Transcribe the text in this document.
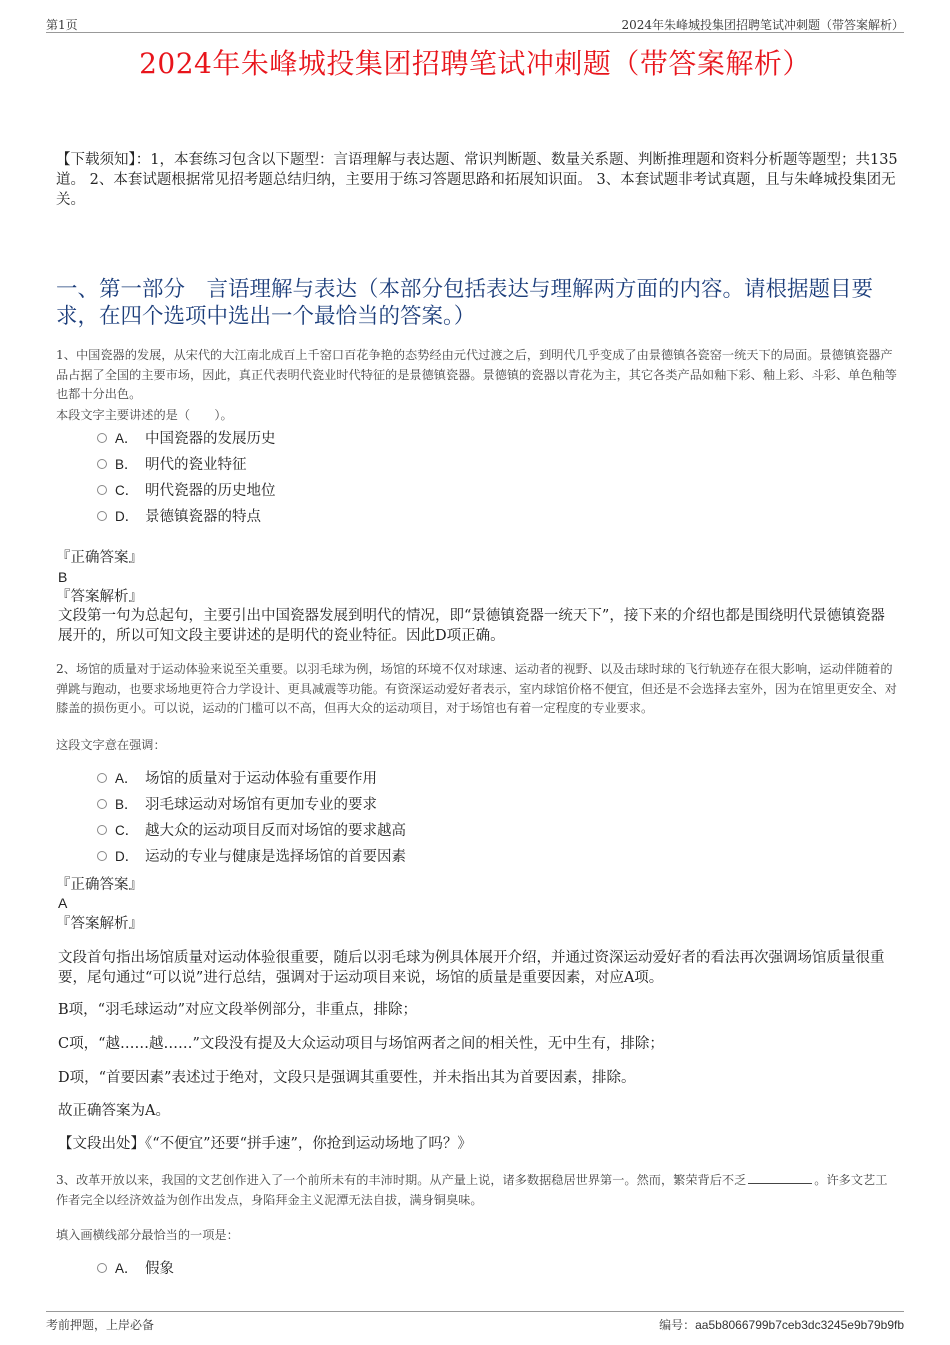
第1页	2024年朱峰城投集团招聘笔试冲刺题（带答案解析）
2024年朱峰城投集团招聘笔试冲刺题（带答案解析）
【下载须知】：1，本套练习包含以下题型：言语理解与表达题、常识判断题、数量关系题、判断推理题和资料分析题等题型；共135道。 2、本套试题根据常见招考题总结归纳，主要用于练习答题思路和拓展知识面。 3、本套试题非考试真题，且与朱峰城投集团无关。
一、第一部分　言语理解与表达（本部分包括表达与理解两方面的内容。请根据题目要求，在四个选项中选出一个最恰当的答案。）
1、中国瓷器的发展，从宋代的大江南北成百上千窑口百花争艳的态势经由元代过渡之后，到明代几乎变成了由景德镇各瓷窑一统天下的局面。景德镇瓷器产品占据了全国的主要市场，因此，真正代表明代瓷业时代特征的是景德镇瓷器。景德镇的瓷器以青花为主，其它各类产品如釉下彩、釉上彩、斗彩、单色釉等也都十分出色。
本段文字主要讲述的是（　　）。
A． 中国瓷器的发展历史
B． 明代的瓷业特征
C． 明代瓷器的历史地位
D． 景德镇瓷器的特点
『正确答案』
B
『答案解析』
文段第一句为总起句，主要引出中国瓷器发展到明代的情况，即“景德镇瓷器一统天下”，接下来的介绍也都是围绕明代景德镇瓷器展开的，所以可知文段主要讲述的是明代的瓷业特征。因此D项正确。
2、场馆的质量对于运动体验来说至关重要。以羽毛球为例，场馆的环境不仅对球速、运动者的视野、以及击球时球的飞行轨迹存在很大影响，运动伴随着的弹跳与跑动，也要求场地更符合力学设计、更具减震等功能。有资深运动爱好者表示，室内球馆价格不便宜，但还是不会选择去室外，因为在馆里更安全、对膝盖的损伤更小。可以说，运动的门槛可以不高，但再大众的运动项目，对于场馆也有着一定程度的专业要求。
这段文字意在强调：
A． 场馆的质量对于运动体验有重要作用
B． 羽毛球运动对场馆有更加专业的要求
C． 越大众的运动项目反而对场馆的要求越高
D． 运动的专业与健康是选择场馆的首要因素
『正确答案』
A
『答案解析』
文段首句指出场馆质量对运动体验很重要，随后以羽毛球为例具体展开介绍，并通过资深运动爱好者的看法再次强调场馆质量很重要，尾句通过“可以说”进行总结，强调对于运动项目来说，场馆的质量是重要因素，对应A项。
B项，“羽毛球运动”对应文段举例部分，非重点，排除；
C项，“越……越……”文段没有提及大众运动项目与场馆两者之间的相关性，无中生有，排除；
D项，“首要因素”表述过于绝对，文段只是强调其重要性，并未指出其为首要因素，排除。
故正确答案为A。
【文段出处】《“不便宜”还要“拼手速”，你抢到运动场地了吗？》
3、改革开放以来，我国的文艺创作进入了一个前所未有的丰沛时期。从产量上说，诸多数据稳居世界第一。然而，繁荣背后不乏	。许多文艺工作者完全以经济效益为创作出发点，身陷拜金主义泥潭无法自拔，满身铜臭味。
填入画横线部分最恰当的一项是：
A． 假象
考前押题，上岸必备	编号：aa5b8066799b7ceb3dc3245e9b79b9fb
